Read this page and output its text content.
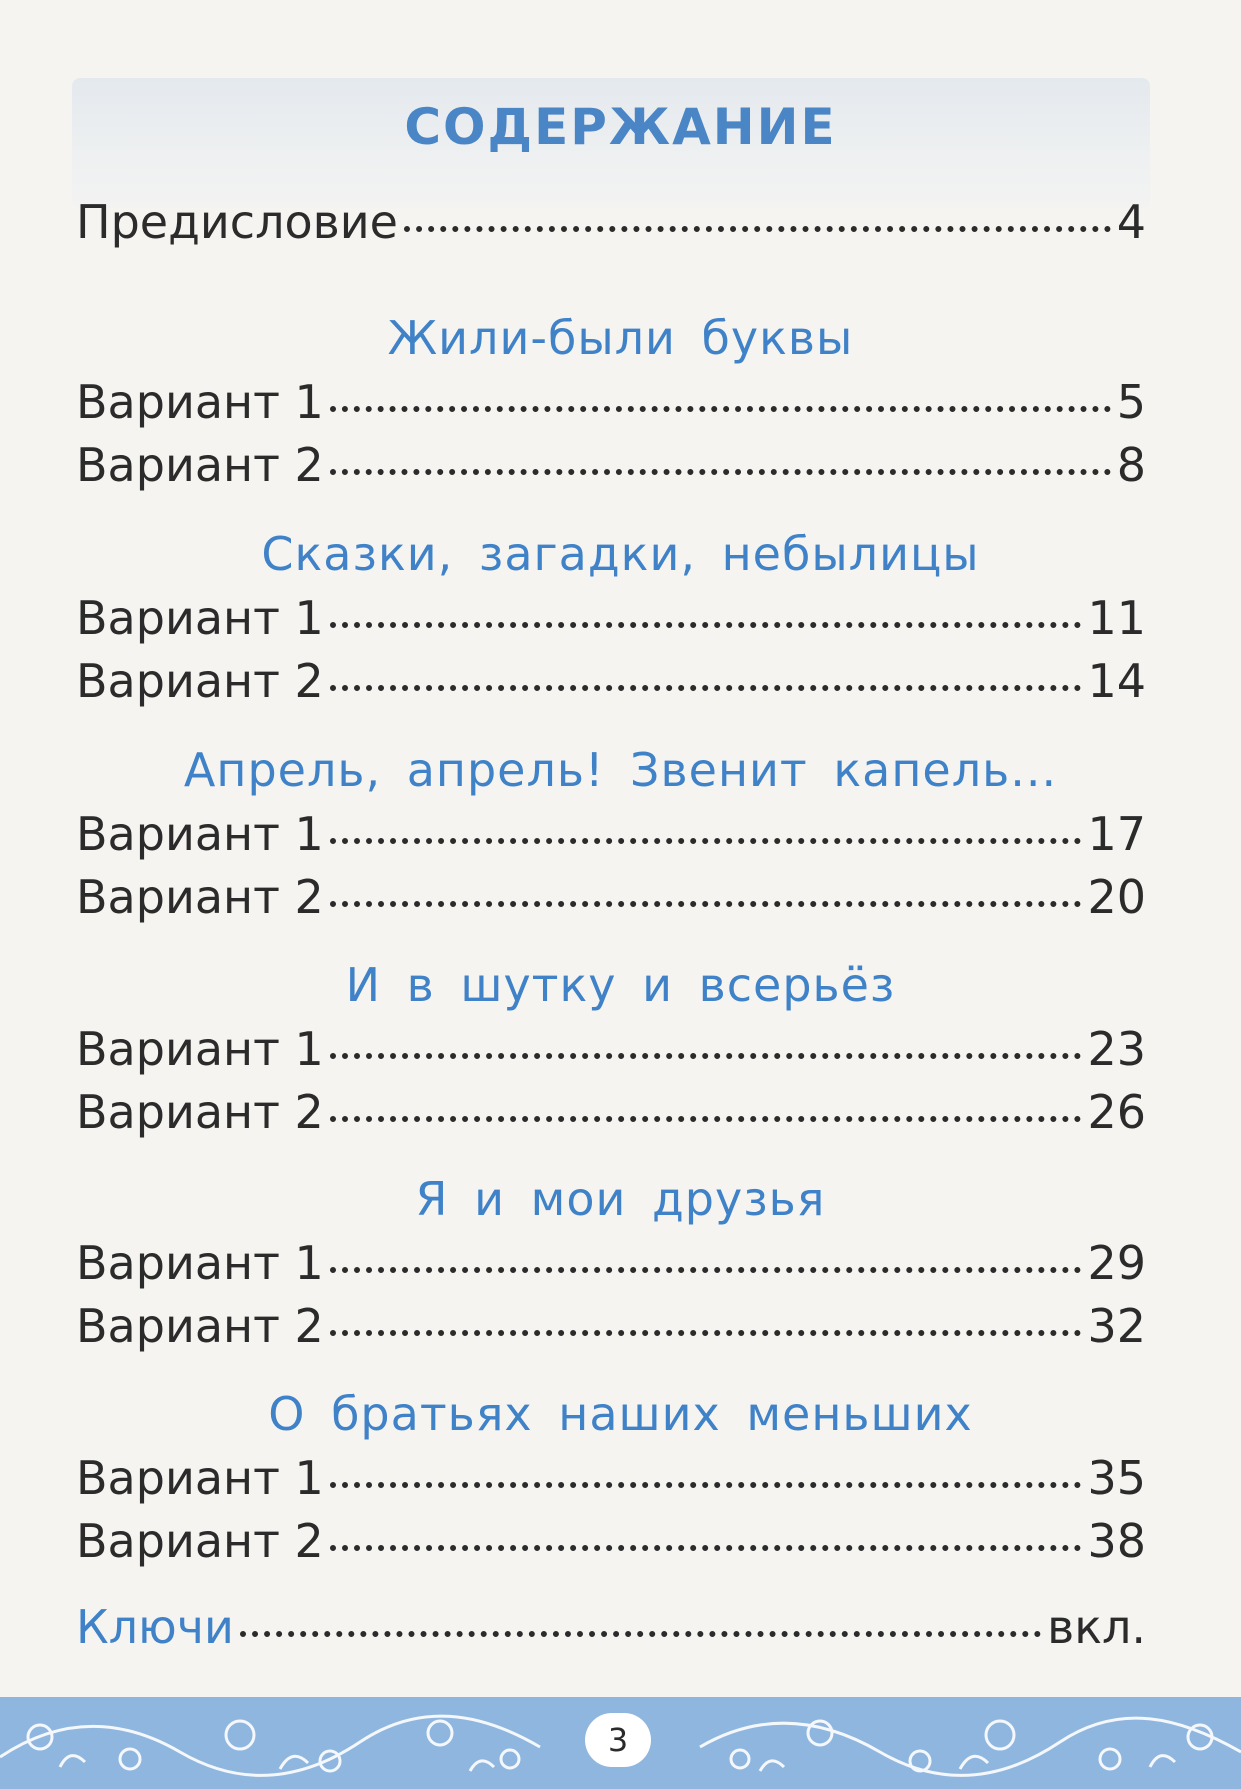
СОДЕРЖАНИЕ
Предисловие	4
Жили-были буквы
Вариант 1	5
Вариант 2	8
Сказки, загадки, небылицы
Вариант 1	11
Вариант 2	14
Апрель, апрель! Звенит капель...
Вариант 1	17
Вариант 2	20
И в шутку и всерьёз
Вариант 1	23
Вариант 2	26
Я и мои друзья
Вариант 1	29
Вариант 2	32
О братьях наших меньших
Вариант 1	35
Вариант 2	38
Ключи	вкл.
3
